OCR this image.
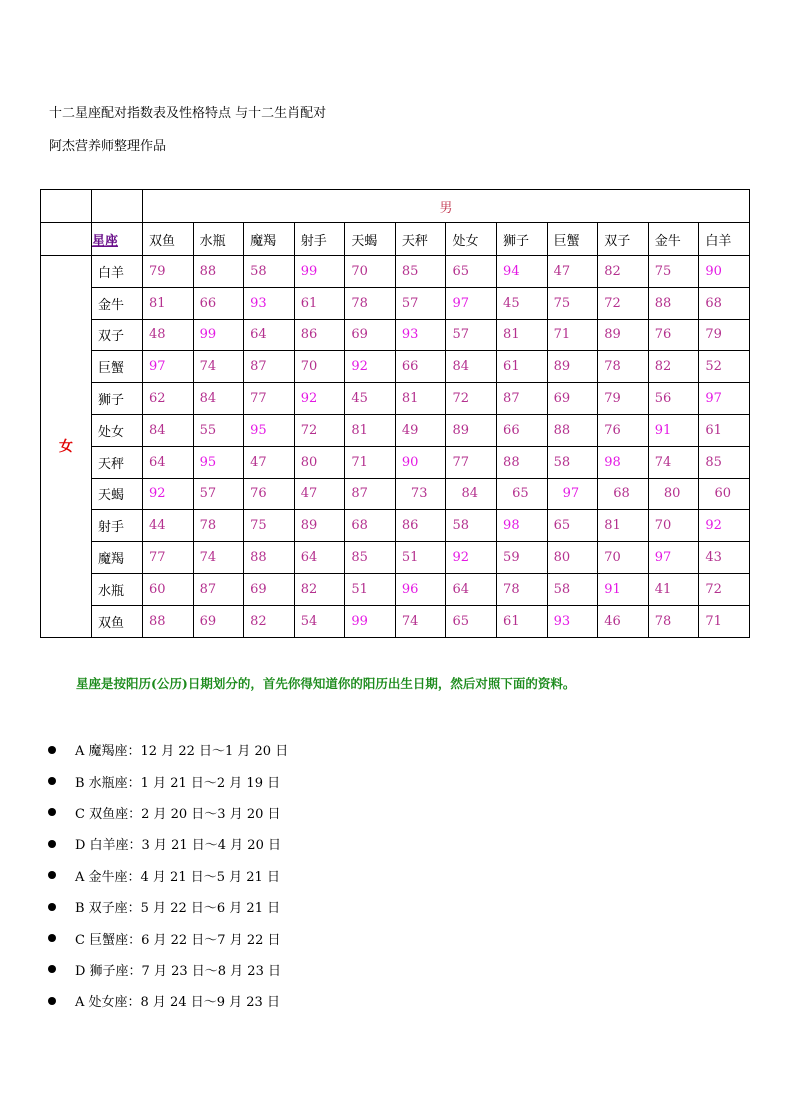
十二星座配对指数表及性格特点 与十二生肖配对
阿杰营养师整理作品
		男											
	星座	双鱼	水瓶	魔羯	射手	天蝎	天秤	处女	狮子	巨蟹	双子	金牛	白羊
女	白羊	79	88	58	99	70	85	65	94	47	82	75	90
	金牛	81	66	93	61	78	57	97	45	75	72	88	68
	双子	48	99	64	86	69	93	57	81	71	89	76	79
	巨蟹	97	74	87	70	92	66	84	61	89	78	82	52
	狮子	62	84	77	92	45	81	72	87	69	79	56	97
	处女	84	55	95	72	81	49	89	66	88	76	91	61
	天秤	64	95	47	80	71	90	77	88	58	98	74	85
	天蝎	92	57	76	47	87	73	84	65	97	68	80	60
	射手	44	78	75	89	68	86	58	98	65	81	70	92
	魔羯	77	74	88	64	85	51	92	59	80	70	97	43
	水瓶	60	87	69	82	51	96	64	78	58	91	41	72
	双鱼	88	69	82	54	99	74	65	61	93	46	78	71
星座是按阳历(公历)日期划分的，首先你得知道你的阳历出生日期，然后对照下面的资料。
A 魔羯座：12 月 22 日～1 月 20 日
B 水瓶座：1 月 21 日～2 月 19 日
C 双鱼座：2 月 20 日～3 月 20 日
D 白羊座：3 月 21 日～4 月 20 日
A 金牛座：4 月 21 日～5 月 21 日
B 双子座：5 月 22 日～6 月 21 日
C 巨蟹座：6 月 22 日～7 月 22 日
D 狮子座：7 月 23 日～8 月 23 日
A 处女座：8 月 24 日～9 月 23 日
